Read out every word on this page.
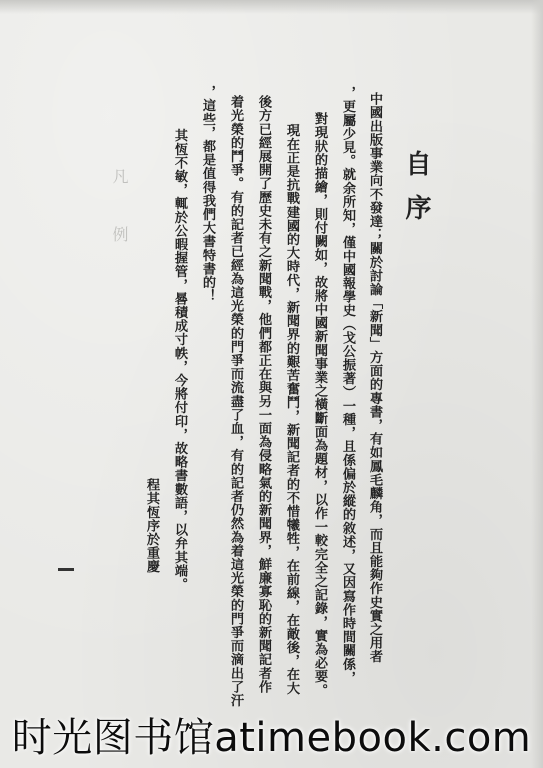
凡
例	自序
中國出版事業向不發達；關於討論「新聞」方面的專書，有如鳳毛麟角，而且能夠作史實之用者
，更屬少見。就余所知，僅中國報學史（戈公振著）一種，且係偏於縱的敘述，又因寫作時間關係，
對現狀的描繪，則付闕如，故將中國新聞事業之橫斷面為題材，以作一較完全之記錄，實為必要。
　現在正是抗戰建國的大時代，新聞界的艱苦奮鬥，新聞記者的不惜犧牲，在前線，在敵後，在大
後方已經展開了歷史未有之新聞戰，他們都正在與另一面為侵略氣的新聞界，鮮廉寡恥的新聞記者作
着光榮的鬥爭。有的記者已經為這光榮的門爭而流盡了血，有的記者仍然為着這光榮的門爭而滴出了汗
，這些，都是值得我們大書特書的！
　其恆不敏，輒於公暇握管，晷積成寸帙，今將付印，故略書數語，以弁其端。
程其恆序於重慶
时光图书馆atimebook.com
